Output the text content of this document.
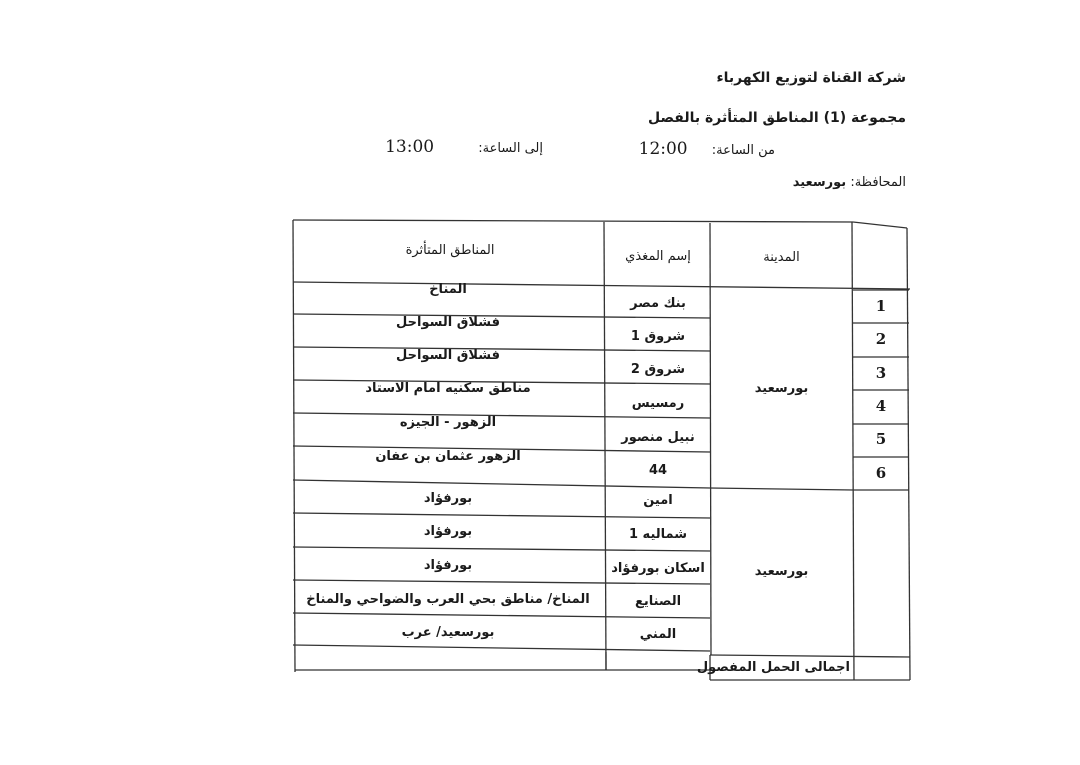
شركة القناة لتوزيع الكهرباء
مجموعة (1) المناطق المتأثرة بالفصل
من الساعة: 12:00
إلى الساعة: 13:00
المحافظة: بورسعيد
المناطق المتأثرة	إسم المغذي	المدينة
بورسعيد
بورسعيد
1
2
3
4
5
6
بنك مصر
شروق 1
شروق 2
رمسيس
نبيل منصور
44
امين
شماليه 1
اسكان بورفؤاد
الصنايع
المني
المناخ
فشلاق السواحل
فشلاق السواحل
مناطق سكنيه امام الاستاد
الزهور - الجيزه
الزهور عثمان بن عفان
بورفؤاد
بورفؤاد
بورفؤاد
المناخ/ مناطق بحي العرب والضواحي والمناخ
بورسعيد/ عرب
اجمالى الحمل المفصول
